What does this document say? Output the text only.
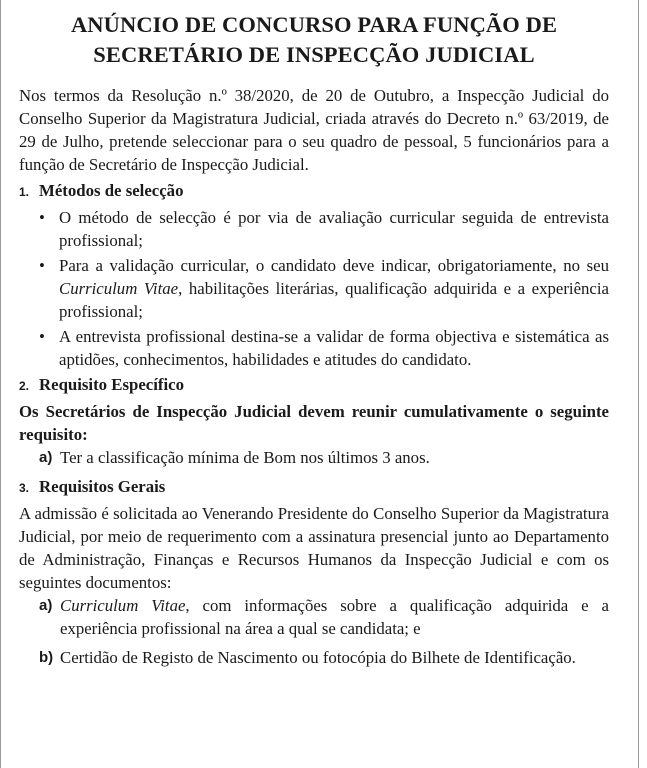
ANÚNCIO DE CONCURSO PARA FUNÇÃO DE
SECRETÁRIO DE INSPECÇÃO JUDICIAL

Nos termos da Resolução n.º 38/2020, de 20 de Outubro, a Inspecção Judicial do Conselho Superior da Magistratura Judicial, criada através do Decreto n.º 63/2019, de 29 de Julho, pretende seleccionar para o seu quadro de pessoal, 5 funcionários para a função de Secretário de Inspecção Judicial.

1. Métodos de selecção
• O método de selecção é por via de avaliação curricular seguida de entrevista profissional;
• Para a validação curricular, o candidato deve indicar, obrigatoriamente, no seu Curriculum Vitae, habilitações literárias, qualificação adquirida e a experiência profissional;
• A entrevista profissional destina-se a validar de forma objectiva e sistemática as aptidões, conhecimentos, habilidades e atitudes do candidato.
2. Requisito Específico

Os Secretários de Inspecção Judicial devem reunir cumulativamente o seguinte requisito:

a) Ter a classificação mínima de Bom nos últimos 3 anos.
3. Requisitos Gerais

A admissão é solicitada ao Venerando Presidente do Conselho Superior da Magistratura Judicial, por meio de requerimento com a assinatura presencial junto ao Departamento de Administração, Finanças e Recursos Humanos da Inspecção Judicial e com os seguintes documentos:

a) Curriculum Vitae, com informações sobre a qualificação adquirida e a experiência profissional na área a qual se candidata; e
b) Certidão de Registo de Nascimento ou fotocópia do Bilhete de Identificação.
